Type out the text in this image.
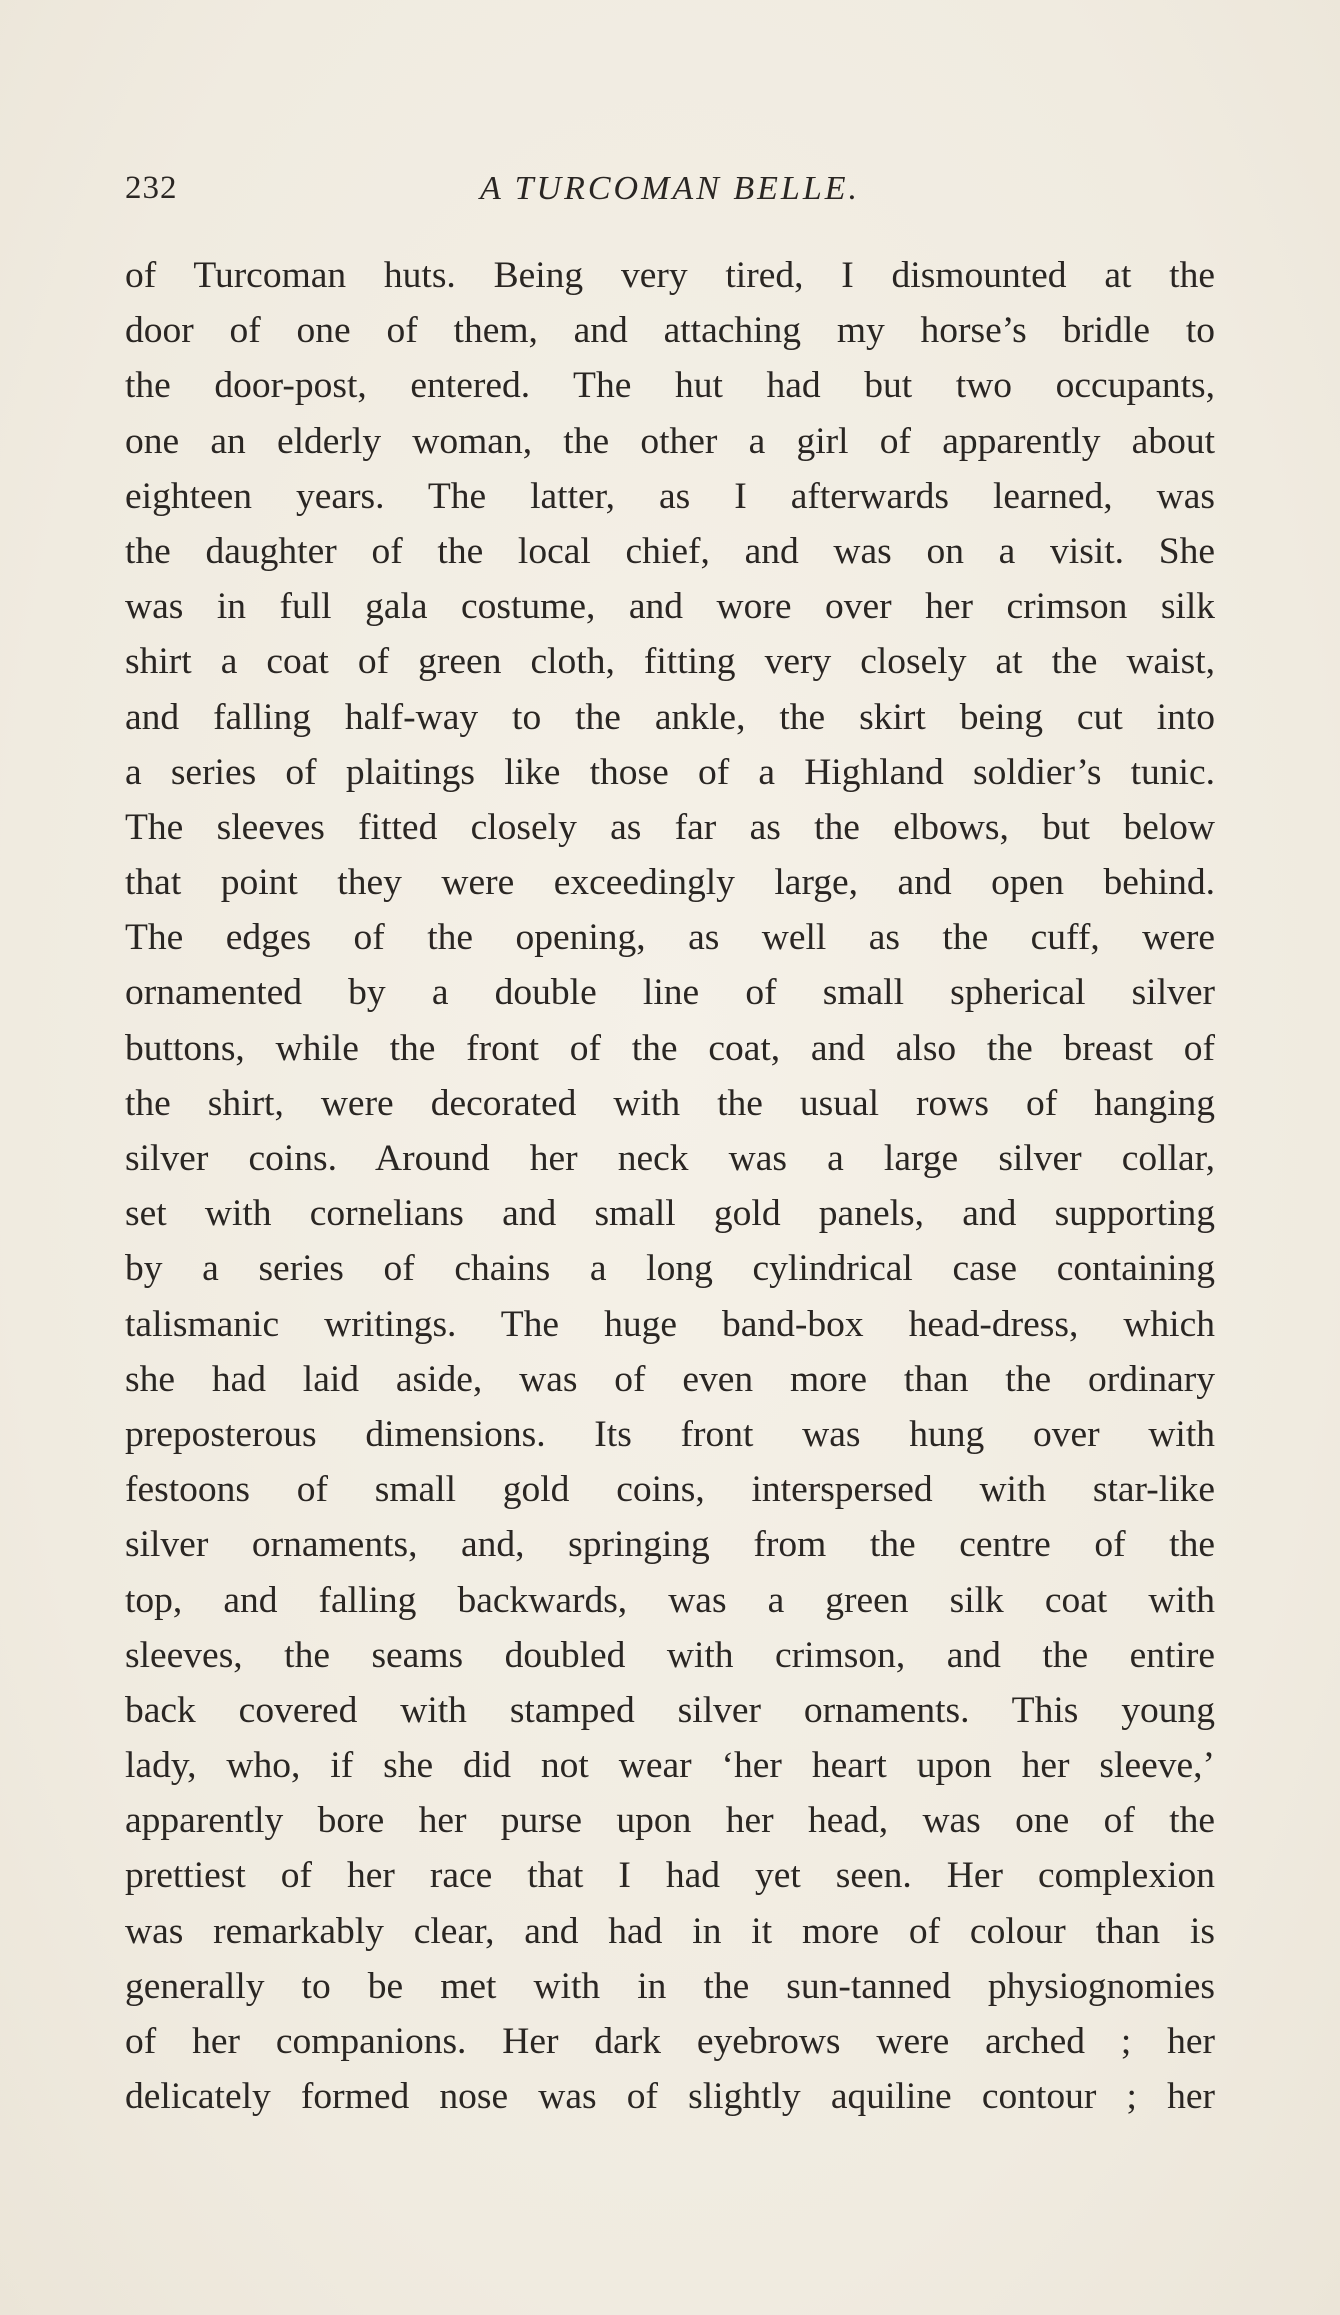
232	A TURCOMAN BELLE.
of Turcoman huts. Being very tired, I dismounted at the
door of one of them, and attaching my horse’s bridle to
the door-post, entered. The hut had but two occupants,
one an elderly woman, the other a girl of apparently about
eighteen years. The latter, as I afterwards learned, was
the daughter of the local chief, and was on a visit. She
was in full gala costume, and wore over her crimson silk
shirt a coat of green cloth, fitting very closely at the waist,
and falling half-way to the ankle, the skirt being cut into
a series of plaitings like those of a Highland soldier’s tunic.
The sleeves fitted closely as far as the elbows, but below
that point they were exceedingly large, and open behind.
The edges of the opening, as well as the cuff, were
ornamented by a double line of small spherical silver
buttons, while the front of the coat, and also the breast of
the shirt, were decorated with the usual rows of hanging
silver coins. Around her neck was a large silver collar,
set with cornelians and small gold panels, and supporting
by a series of chains a long cylindrical case containing
talismanic writings. The huge band-box head-dress, which
she had laid aside, was of even more than the ordinary
preposterous dimensions. Its front was hung over with
festoons of small gold coins, interspersed with star-like
silver ornaments, and, springing from the centre of the
top, and falling backwards, was a green silk coat with
sleeves, the seams doubled with crimson, and the entire
back covered with stamped silver ornaments. This young
lady, who, if she did not wear ‘her heart upon her sleeve,’
apparently bore her purse upon her head, was one of the
prettiest of her race that I had yet seen. Her complexion
was remarkably clear, and had in it more of colour than is
generally to be met with in the sun-tanned physiognomies
of her companions. Her dark eyebrows were arched ; her
delicately formed nose was of slightly aquiline contour ; her
